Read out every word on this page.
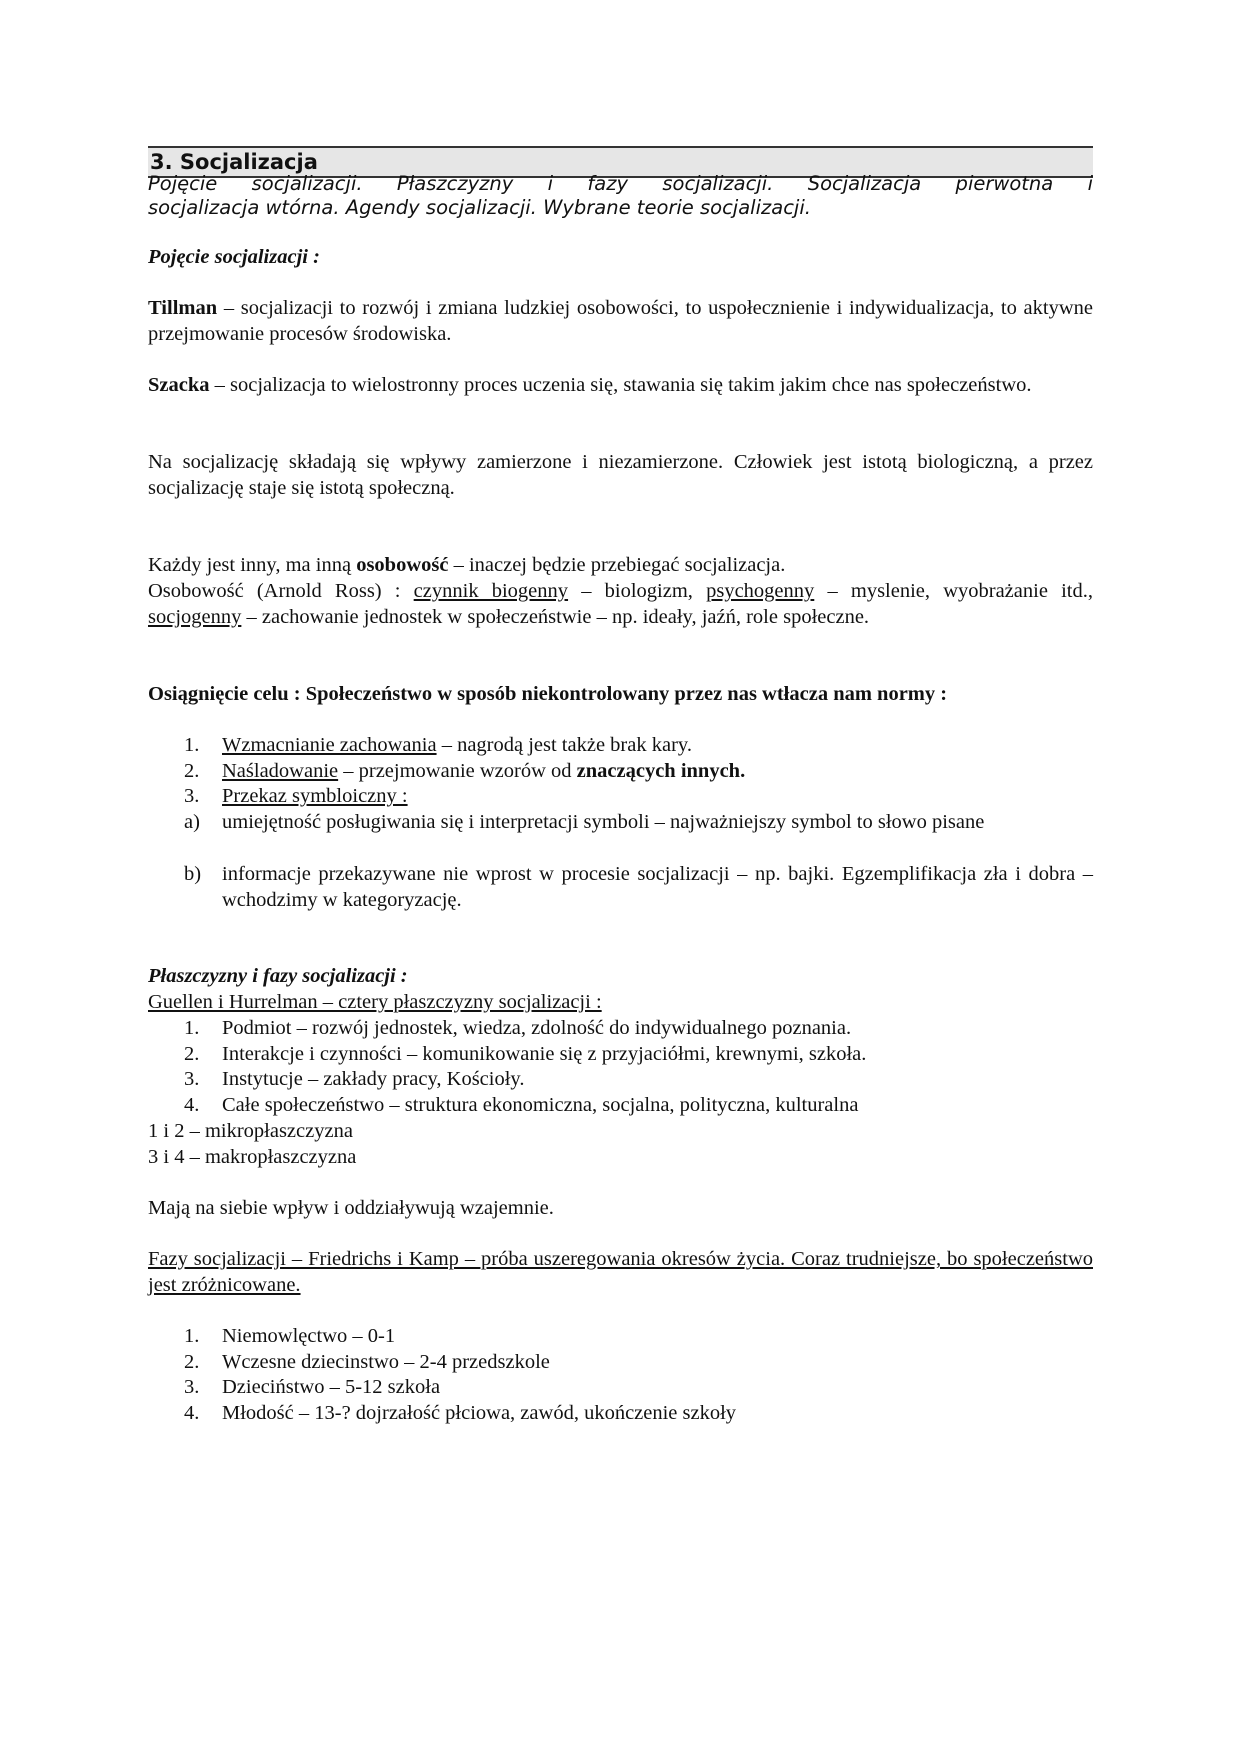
3. Socjalizacja
Pojęcie socjalizacji. Płaszczyzny i fazy socjalizacji. Socjalizacja pierwotna i
socjalizacja wtórna. Agendy socjalizacji. Wybrane teorie socjalizacji.
Pojęcie socjalizacji :
Tillman – socjalizacji to rozwój i zmiana ludzkiej osobowości, to uspołecznienie i indywidualizacja, to aktywne przejmowanie procesów środowiska.
Szacka – socjalizacja to wielostronny proces uczenia się, stawania się takim jakim chce nas społeczeństwo.
Na socjalizację składają się wpływy zamierzone i niezamierzone. Człowiek jest istotą biologiczną, a przez socjalizację staje się istotą społeczną.
Każdy jest inny, ma inną osobowość – inaczej będzie przebiegać socjalizacja.
Osobowość (Arnold Ross) : czynnik biogenny – biologizm, psychogenny – myslenie, wyobrażanie itd., socjogenny – zachowanie jednostek w społeczeństwie – np. ideały, jaźń, role społeczne.
Osiągnięcie celu : Społeczeństwo w sposób niekontrolowany przez nas wtłacza nam normy :
1. Wzmacnianie zachowania – nagrodą jest także brak kary.
2. Naśladowanie – przejmowanie wzorów od znaczących innych.
3. Przekaz symbloiczny :
a) umiejętność posługiwania się i interpretacji symboli – najważniejszy symbol to słowo pisane
b) informacje przekazywane nie wprost w procesie socjalizacji – np. bajki. Egzemplifikacja zła i dobra – wchodzimy w kategoryzację.
Płaszczyzny i fazy socjalizacji :
Guellen i Hurrelman – cztery płaszczyzny socjalizacji :
1. Podmiot – rozwój jednostek, wiedza, zdolność do indywidualnego poznania.
2. Interakcje i czynności – komunikowanie się z przyjaciółmi, krewnymi, szkoła.
3. Instytucje – zakłady pracy, Kościoły.
4. Całe społeczeństwo – struktura ekonomiczna, socjalna, polityczna, kulturalna
1 i 2 – mikropłaszczyzna
3 i 4 – makropłaszczyzna
Mają na siebie wpływ i oddziaływują wzajemnie.
Fazy socjalizacji – Friedrichs i Kamp – próba uszeregowania okresów życia. Coraz trudniejsze, bo społeczeństwo jest zróżnicowane.
1. Niemowlęctwo – 0-1
2. Wczesne dziecinstwo – 2-4 przedszkole
3. Dzieciństwo – 5-12 szkoła
4. Młodość – 13-? dojrzałość płciowa, zawód, ukończenie szkoły
